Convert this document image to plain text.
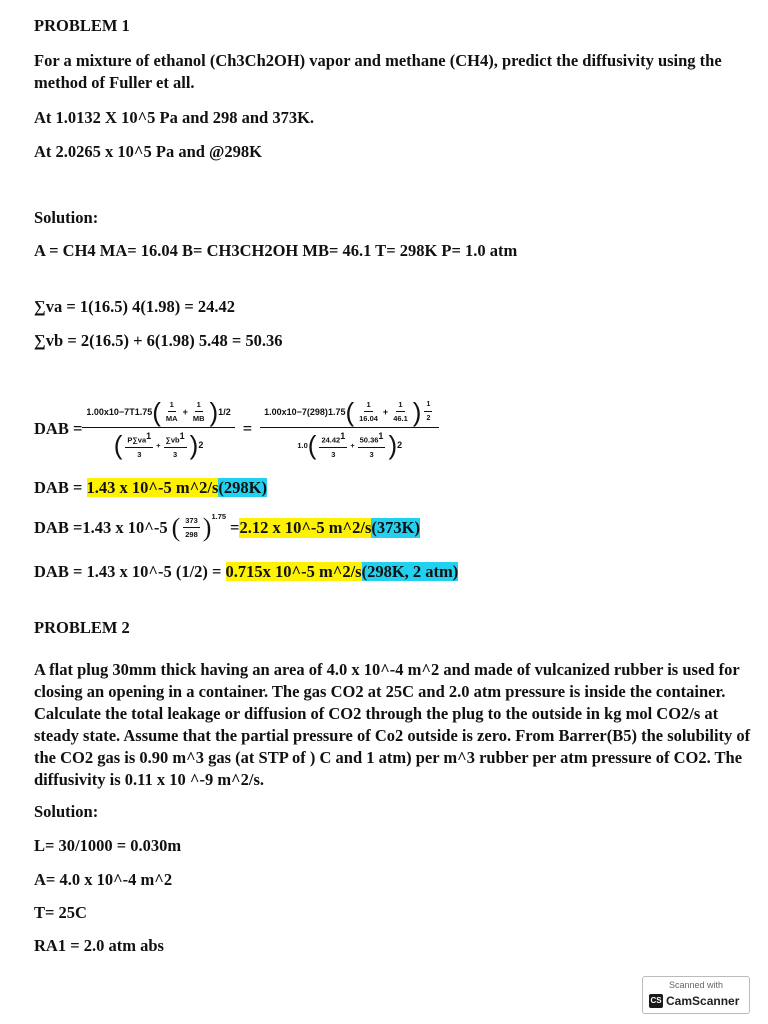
PROBLEM 1
For a mixture of ethanol (Ch3Ch2OH) vapor and methane (CH4), predict the diffusivity using the method of Fuller et all.
At 1.0132 X 10^5 Pa and 298 and 373K.
At 2.0265 x 10^5 Pa and @298K
Solution:
A = CH4 MA= 16.04 B= CH3CH2OH MB= 46.1 T= 298K P= 1.0 atm
∑va = 1(16.5) 4(1.98) = 24.42
∑vb = 2(16.5) + 6(1.98) 5.48 = 50.36
DAB =
1.00x10 −7 T 1.75 ( $\frac{1}{MA} + \frac{1}{MB}$ ) 1 /2
( $\frac{P\sum va1}{3} + \frac{\sum vb1}{3}$ ) 2
=
1.00x10 −7 (298) 1.75 ( $\frac{1}{16.04} + \frac{1}{46.1}$ ) $\frac{1}{2}$
1.0 ( $\frac{24.421}{3} + \frac{50.361}{3}$ ) 2
DAB = 1.43 x 10^-5 m^2/s(298K)
DAB =1.43 x 10^-5 ( $\frac{373}{298}$ ) 1.75
= 2.12 x 10^-5 m^2/s (373K)
DAB = 1.43 x 10^-5 (1/2) = 0.715x 10^-5 m^2/s(298K, 2 atm)
PROBLEM 2
A flat plug 30mm thick having an area of 4.0 x 10^-4 m^2 and made of vulcanized rubber is used for closing an opening in a container. The gas CO2 at 25C and 2.0 atm pressure is inside the container. Calculate the total leakage or diffusion of CO2 through the plug to the outside in kg mol CO2/s at steady state. Assume that the partial pressure of Co2 outside is zero. From Barrer(B5) the solubility of the CO2 gas is 0.90 m^3 gas (at STP of ) C and 1 atm) per m^3 rubber per atm pressure of CO2. The diffusivity is 0.11 x 10 ^-9 m^2/s.
Solution:
L= 30/1000 = 0.030m
A= 4.0 x 10^-4 m^2
T= 25C
RA1 = 2.0 atm abs
Scanned with
CS CamScanner
